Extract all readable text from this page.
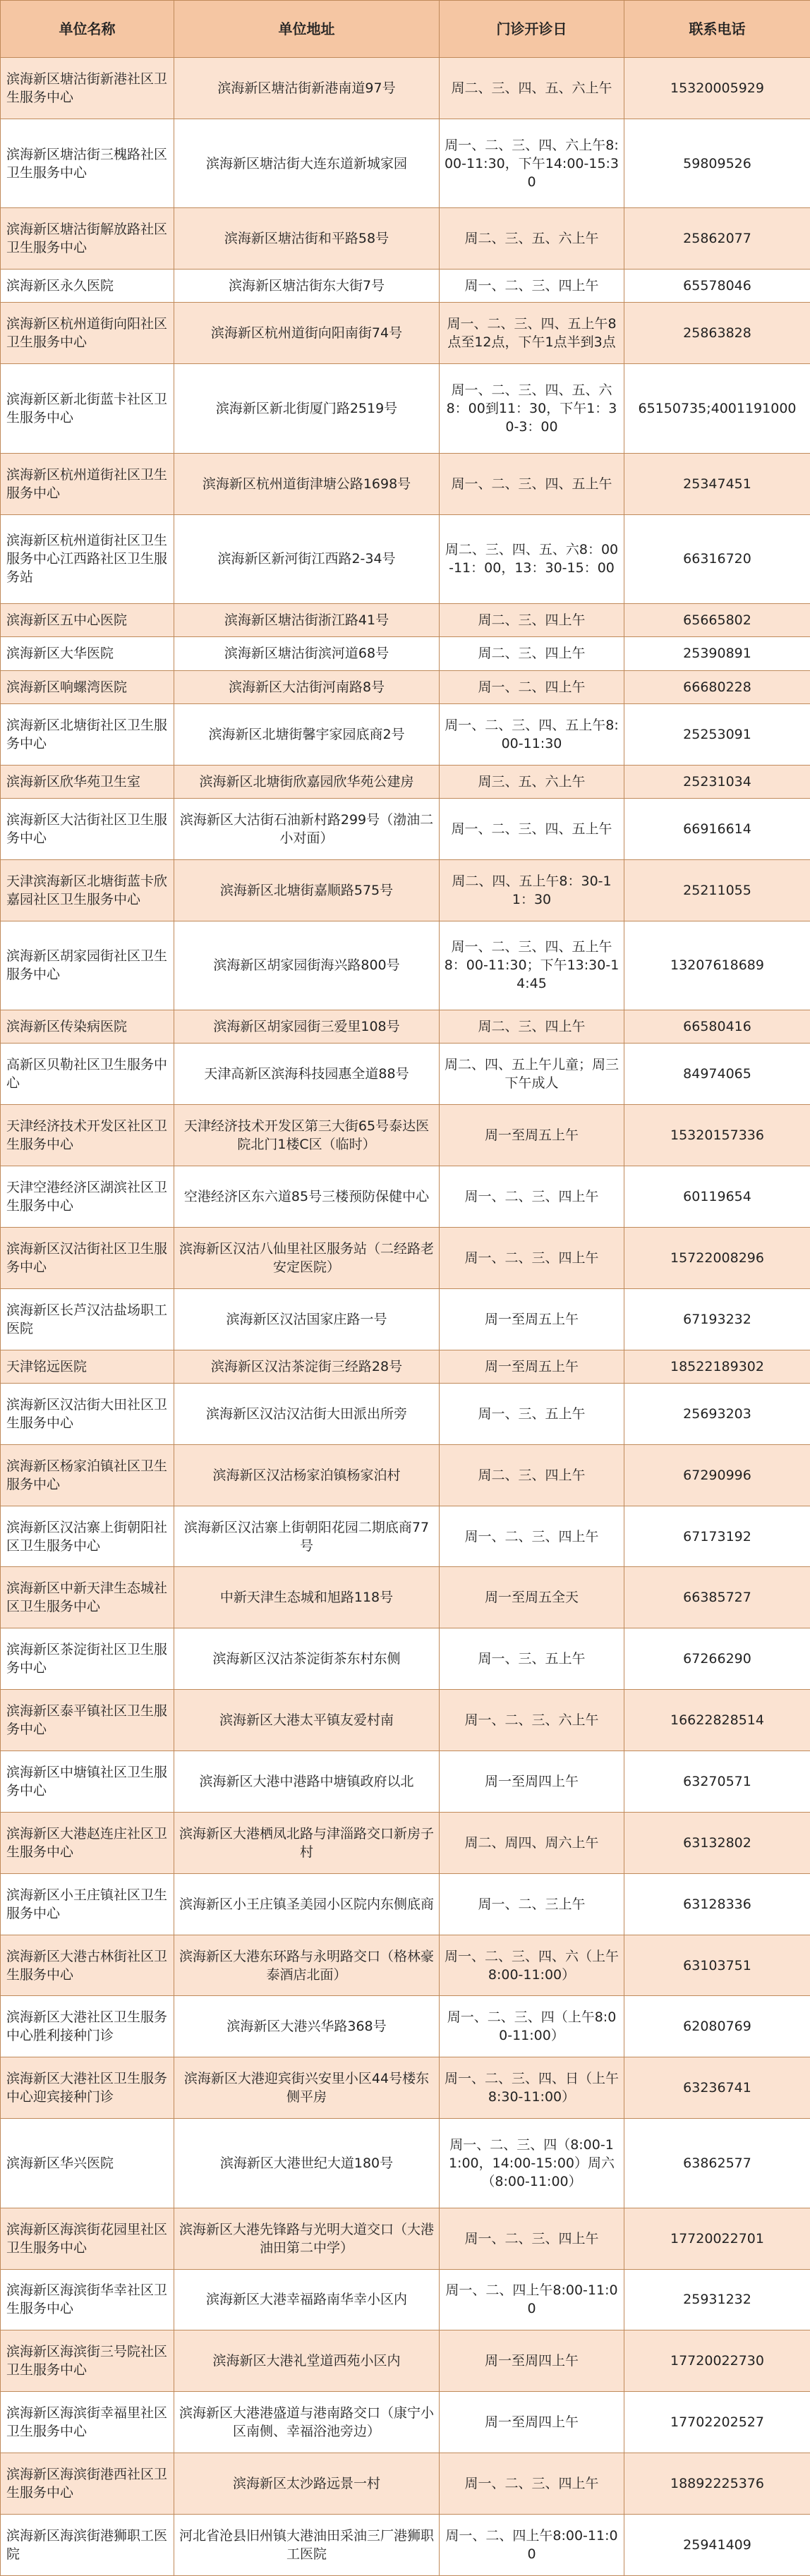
单位名称	单位地址	门诊开诊日	联系电话
滨海新区塘沽街新港社区卫生服务中心	滨海新区塘沽街新港南道97号	周二、三、四、五、六上午	15320005929
滨海新区塘沽街三槐路社区卫生服务中心	滨海新区塘沽街大连东道新城家园	周一、二、三、四、六上午8:00-11:30，下午14:00-15:30	59809526
滨海新区塘沽街解放路社区卫生服务中心	滨海新区塘沽街和平路58号	周二、三、五、六上午	25862077
滨海新区永久医院	滨海新区塘沽街东大街7号	周一、二、三、四上午	65578046
滨海新区杭州道街向阳社区卫生服务中心	滨海新区杭州道街向阳南街74号	周一、二、三、四、五上午8点至12点，下午1点半到3点	25863828
滨海新区新北街蓝卡社区卫生服务中心	滨海新区新北街厦门路2519号	周一、二、三、四、五、六8：00到11：30，下午1：30-3：00	65150735;4001191000
滨海新区杭州道街社区卫生服务中心	滨海新区杭州道街津塘公路1698号	周一、二、三、四、五上午	25347451
滨海新区杭州道街社区卫生服务中心江西路社区卫生服务站	滨海新区新河街江西路2-34号	周二、三、四、五、六8：00-11：00，13：30-15：00	66316720
滨海新区五中心医院	滨海新区塘沽街浙江路41号	周二、三、四上午	65665802
滨海新区大华医院	滨海新区塘沽街滨河道68号	周二、三、四上午	25390891
滨海新区响螺湾医院	滨海新区大沽街河南路8号	周一、二、四上午	66680228
滨海新区北塘街社区卫生服务中心	滨海新区北塘街馨宇家园底商2号	周一、二、三、四、五上午8:00-11:30	25253091
滨海新区欣华苑卫生室	滨海新区北塘街欣嘉园欣华苑公建房	周三、五、六上午	25231034
滨海新区大沽街社区卫生服务中心	滨海新区大沽街石油新村路299号（渤油二小对面）	周一、二、三、四、五上午	66916614
天津滨海新区北塘街蓝卡欣嘉园社区卫生服务中心	滨海新区北塘街嘉顺路575号	周二、四、五上午8：30-11：30	25211055
滨海新区胡家园街社区卫生服务中心	滨海新区胡家园街海兴路800号	周一、二、三、四、五上午8：00-11:30；下午13:30-14:45	13207618689
滨海新区传染病医院	滨海新区胡家园街三爱里108号	周二、三、四上午	66580416
高新区贝勒社区卫生服务中心	天津高新区滨海科技园惠全道88号	周二、四、五上午儿童；周三下午成人	84974065
天津经济技术开发区社区卫生服务中心	天津经济技术开发区第三大街65号泰达医院北门1楼C区（临时）	周一至周五上午	15320157336
天津空港经济区湖滨社区卫生服务中心	空港经济区东六道85号三楼预防保健中心	周一、二、三、四上午	60119654
滨海新区汉沽街社区卫生服务中心	滨海新区汉沽八仙里社区服务站（二经路老安定医院）	周一、二、三、四上午	15722008296
滨海新区长芦汉沽盐场职工医院	滨海新区汉沽国家庄路一号	周一至周五上午	67193232
天津铭远医院	滨海新区汉沽茶淀街三经路28号	周一至周五上午	18522189302
滨海新区汉沽街大田社区卫生服务中心	滨海新区汉沽汉沽街大田派出所旁	周一、三、五上午	25693203
滨海新区杨家泊镇社区卫生服务中心	滨海新区汉沽杨家泊镇杨家泊村	周二、三、四上午	67290996
滨海新区汉沽寨上街朝阳社区卫生服务中心	滨海新区汉沽寨上街朝阳花园二期底商77号	周一、二、三、四上午	67173192
滨海新区中新天津生态城社区卫生服务中心	中新天津生态城和旭路118号	周一至周五全天	66385727
滨海新区茶淀街社区卫生服务中心	滨海新区汉沽茶淀街茶东村东侧	周一、三、五上午	67266290
滨海新区泰平镇社区卫生服务中心	滨海新区大港太平镇友爱村南	周一、二、三、六上午	16622828514
滨海新区中塘镇社区卫生服务中心	滨海新区大港中港路中塘镇政府以北	周一至周四上午	63270571
滨海新区大港赵连庄社区卫生服务中心	滨海新区大港栖凤北路与津淄路交口新房子村	周二、周四、周六上午	63132802
滨海新区小王庄镇社区卫生服务中心	滨海新区小王庄镇圣美园小区院内东侧底商	周一、二、三上午	63128336
滨海新区大港古林街社区卫生服务中心	滨海新区大港东环路与永明路交口（格林豪泰酒店北面）	周一、二、三、四、六（上午8:00-11:00）	63103751
滨海新区大港社区卫生服务中心胜利接种门诊	滨海新区大港兴华路368号	周一、二、三、四（上午8:00-11:00）	62080769
滨海新区大港社区卫生服务中心迎宾接种门诊	滨海新区大港迎宾街兴安里小区44号楼东侧平房	周一、二、三、四、日（上午8:30-11:00）	63236741
滨海新区华兴医院	滨海新区大港世纪大道180号	周一、二、三、四（8:00-11:00，14:00-15:00）周六（8:00-11:00）	63862577
滨海新区海滨街花园里社区卫生服务中心	滨海新区大港先锋路与光明大道交口（大港油田第二中学）	周一、二、三、四上午	17720022701
滨海新区海滨街华幸社区卫生服务中心	滨海新区大港幸福路南华幸小区内	周一、二、四上午8:00-11:00	25931232
滨海新区海滨街三号院社区卫生服务中心	滨海新区大港礼堂道西苑小区内	周一至周四上午	17720022730
滨海新区海滨街幸福里社区卫生服务中心	滨海新区大港港盛道与港南路交口（康宁小区南侧、幸福浴池旁边）	周一至周四上午	17702202527
滨海新区海滨街港西社区卫生服务中心	滨海新区太沙路远景一村	周一、二、三、四上午	18892225376
滨海新区海滨街港狮职工医院	河北省沧县旧州镇大港油田采油三厂港狮职工医院	周一、二、四上午8:00-11:00	25941409
